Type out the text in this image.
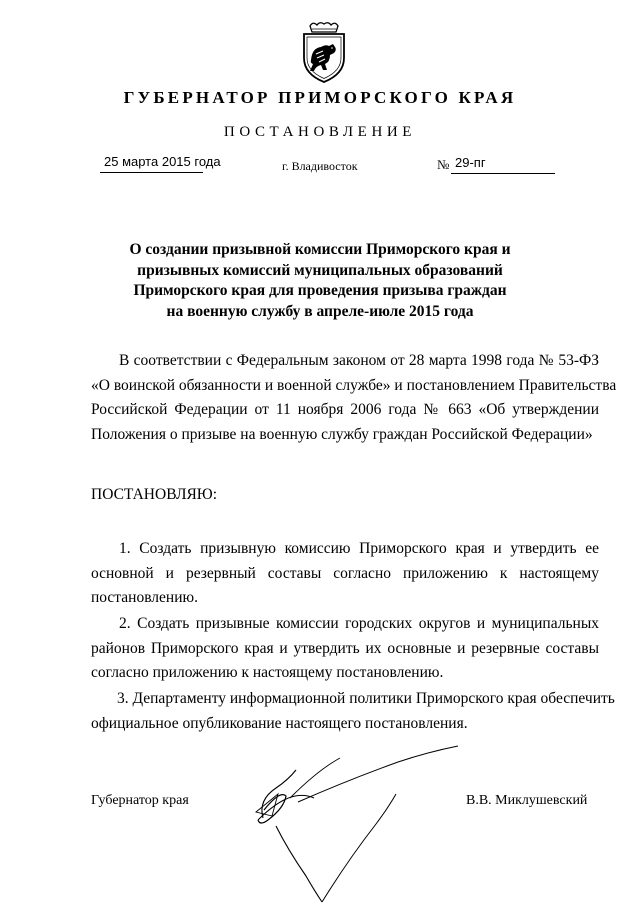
ГУБЕРНАТОР ПРИМОРСКОГО КРАЯ
ПОСТАНОВЛЕНИЕ
25 марта 2015 года	г. Владивосток	№ 29-пг
О создании призывной комиссии Приморского края и
призывных комиссий муниципальных образований
Приморского края для проведения призыва граждан
на военную службу в апреле-июле 2015 года
В соответствии с Федеральным законом от 28 марта 1998 года № 53-ФЗ
«О воинской обязанности и военной службе» и постановлением Правительства
Российской Федерации от 11 ноября 2006 года № 663 «Об утверждении
Положения о призыве на военную службу граждан Российской Федерации»
ПОСТАНОВЛЯЮ:
1. Создать призывную комиссию Приморского края и утвердить ее
основной и резервный составы согласно приложению к настоящему
постановлению.
2. Создать призывные комиссии городских округов и муниципальных
районов Приморского края и утвердить их основные и резервные составы
согласно приложению к настоящему постановлению.
3. Департаменту информационной политики Приморского края обеспечить
официальное опубликование настоящего постановления.
Губернатор края	В.В. Миклушевский
